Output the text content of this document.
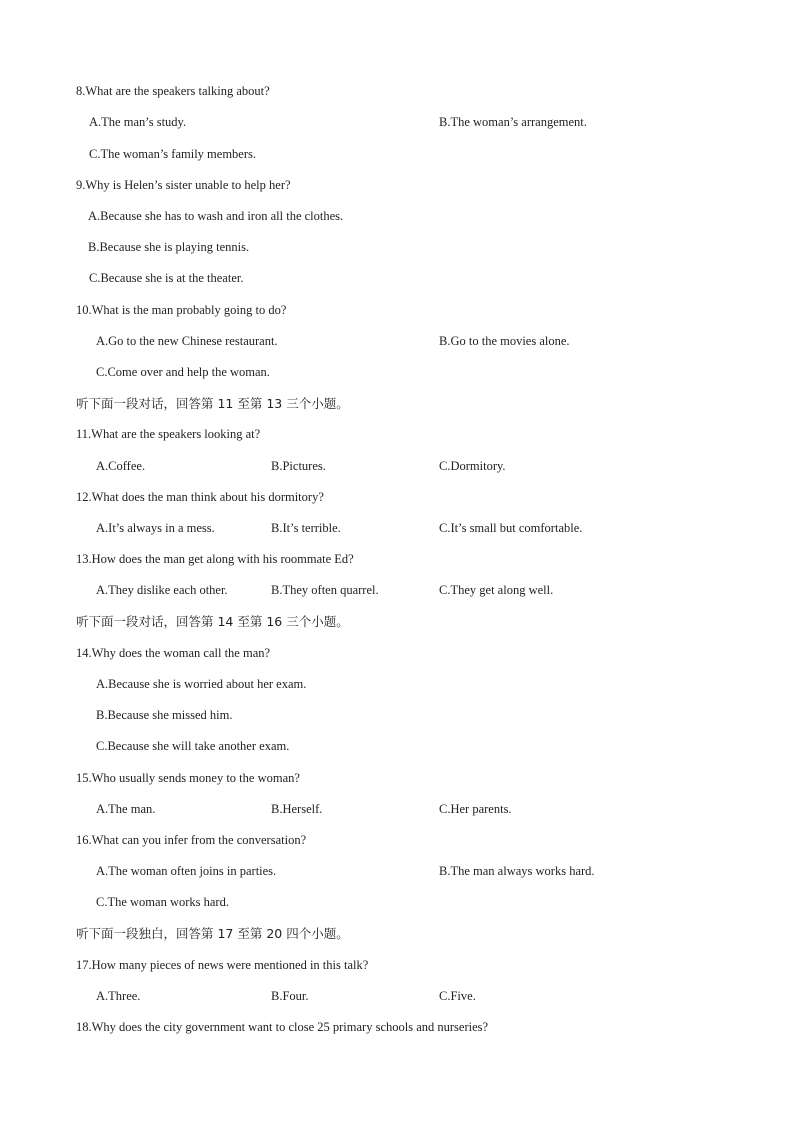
8.What are the speakers talking about?
A.The man’s study.	B.The woman’s arrangement.
C.The woman’s family members.
9.Why is Helen’s sister unable to help her?
A.Because she has to wash and iron all the clothes.
B.Because she is playing tennis.
C.Because she is at the theater.
10.What is the man probably going to do?
A.Go to the new Chinese restaurant.	B.Go to the movies alone.
C.Come over and help the woman.
听下面一段对话，回答第 11 至第 13 三个小题。
11.What are the speakers looking at?
A.Coffee.	B.Pictures.	C.Dormitory.
12.What does the man think about his dormitory?
A.It’s always in a mess.	B.It’s terrible.	C.It’s small but comfortable.
13.How does the man get along with his roommate Ed?
A.They dislike each other.	B.They often quarrel.	C.They get along well.
听下面一段对话，回答第 14 至第 16 三个小题。
14.Why does the woman call the man?
A.Because she is worried about her exam.
B.Because she missed him.
C.Because she will take another exam.
15.Who usually sends money to the woman?
A.The man.	B.Herself.	C.Her parents.
16.What can you infer from the conversation?
A.The woman often joins in parties.	B.The man always works hard.
C.The woman works hard.
听下面一段独白，回答第 17 至第 20 四个小题。
17.How many pieces of news were mentioned in this talk?
A.Three.	B.Four.	C.Five.
18.Why does the city government want to close 25 primary schools and nurseries?
